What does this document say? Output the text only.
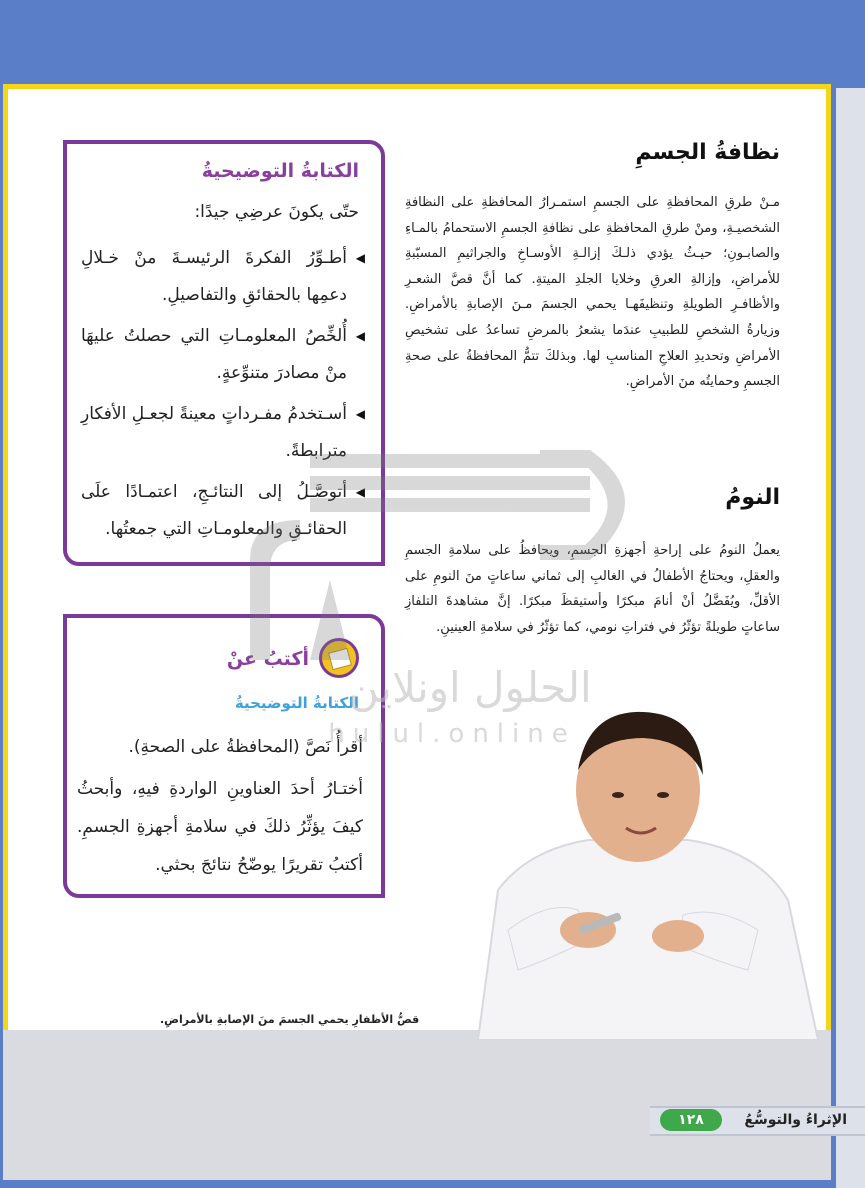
نظافةُ الجسمِ

مـنْ طرقِ المحافظةِ على الجسمِ استمـرارُ المحافظةِ على النظافةِ الشخصيـةِ، ومنْ طرقِ المحافظةِ على نظافةِ الجسمِ الاستحمامُ بالمـاءِ والصابـونِ؛ حيـثُ يؤدي ذلـكَ إزالـةِ الأوسـاخِ والجراثيمِ المسبّبةِ للأمراضِ، وإزالةِ العرقِ وخلايا الجلدِ الميتةِ. كما أنَّ قصَّ الشعـرِ والأظافـرِ الطويلةِ وتنظيفَهـا يحمي الجسمَ مـنَ الإصابةِ بالأمراضِ. وزيارةُ الشخصِ للطبيبِ عندَما يشعرُ بالمرضِ تساعدُ على تشخيصِ الأمراضِ وتحديدِ العلاجِ المناسبِ لها. وبذلكَ تتمُّ المحافظةُ على صحةِ الجسمِ وحمايتُه منَ الأمراضِ.

النومُ

يعملُ النومُ على إراحةِ أجهزةِ الجسمِ، ويحافظُ على سلامةِ الجسمِ والعقلِ، ويحتاجُ الأطفالُ في الغالبِ إلى ثماني ساعاتٍ منَ النومِ على الأقلِّ، ويُفَضَّلُ أنْ أنامَ مبكرًا وأستيقظَ مبكرًا. إنَّ مشاهدةَ التلفازِ ساعاتٍ طويلةً تؤثّرُ في فتراتِ نومي، كما تؤثّرُ في سلامةِ العينينِ.

الكتابةُ التوضيحيةُ
حتّى يكونَ عرضِي جيدًا:
◀
أطـوِّرُ الفكرةَ الرئيسـةَ منْ خـلالِ دعمِها بالحقائقِ والتفاصيلِ.
◀
أُلخِّصُ المعلومـاتِ التي حصلتُ عليهَا منْ مصادرَ متنوِّعةٍ.
◀
أسـتخدمُ مفـرداتٍ معينةً لجعـلِ الأفكارِ مترابطةً.
◀
أتوصَّـلُ إلى النتائـجِ، اعتمـادًا علَى الحقائـقِ والمعلومـاتِ التي جمعتُها.
أكتبُ عنْ
الكتابةُ التوضيحيةُ
أقرأُ نَصَّ (المحافظةُ على الصحةِ).
أختـارُ أحدَ العناوينِ الواردةِ فيهِ، وأبحثُ كيفَ يؤثِّرُ ذلكَ في سلامةِ أجهزةِ الجسمِ. أكتبُ تقريرًا يوضّحُ نتائجَ بحثي.
قصُّ الأظفارِ يحمي الجسمَ منَ الإصابةِ بالأمراضِ.
الحلول اونلاين
hulul.online
الإثراءُ والتوسُّعُ
١٢٨
